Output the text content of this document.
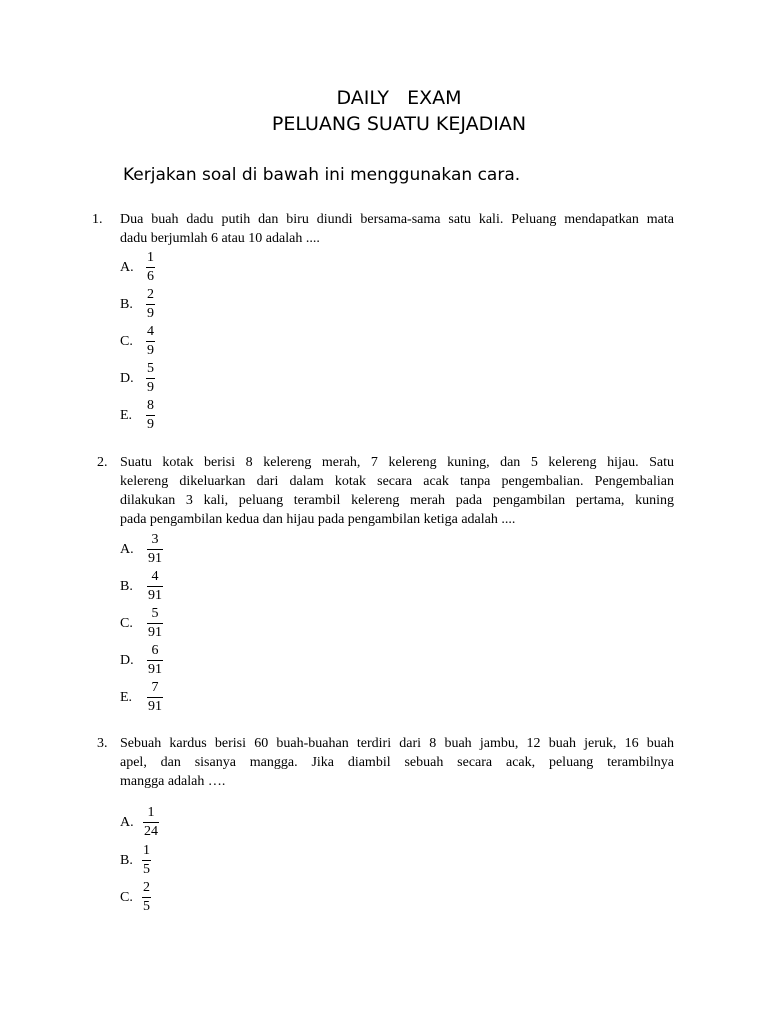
DAILY   EXAM
PELUANG SUATU KEJADIAN
Kerjakan soal di bawah ini menggunakan cara.
1. Dua buah dadu putih dan biru diundi bersama-sama satu kali. Peluang mendapatkan mata
dadu berjumlah 6 atau 10 adalah ....
A. $\frac{1}{6}$
B. $\frac{2}{9}$
C. $\frac{4}{9}$
D. $\frac{5}{9}$
E. $\frac{8}{9}$
2. Suatu kotak berisi 8 kelereng merah, 7 kelereng kuning, dan 5 kelereng hijau. Satu
kelereng dikeluarkan dari dalam kotak secara acak tanpa pengembalian. Pengembalian
dilakukan 3 kali, peluang terambil kelereng merah pada pengambilan pertama, kuning
pada pengambilan kedua dan hijau pada pengambilan ketiga adalah ....
A. $\frac{3}{91}$
B. $\frac{4}{91}$
C. $\frac{5}{91}$
D. $\frac{6}{91}$
E. $\frac{7}{91}$
3. Sebuah kardus berisi 60 buah-buahan terdiri dari 8 buah jambu, 12 buah jeruk, 16 buah
apel, dan sisanya mangga. Jika diambil sebuah secara acak, peluang terambilnya
mangga adalah ….
A. $\frac{1}{24}$
B. $\frac{1}{5}$
C. $\frac{2}{5}$
